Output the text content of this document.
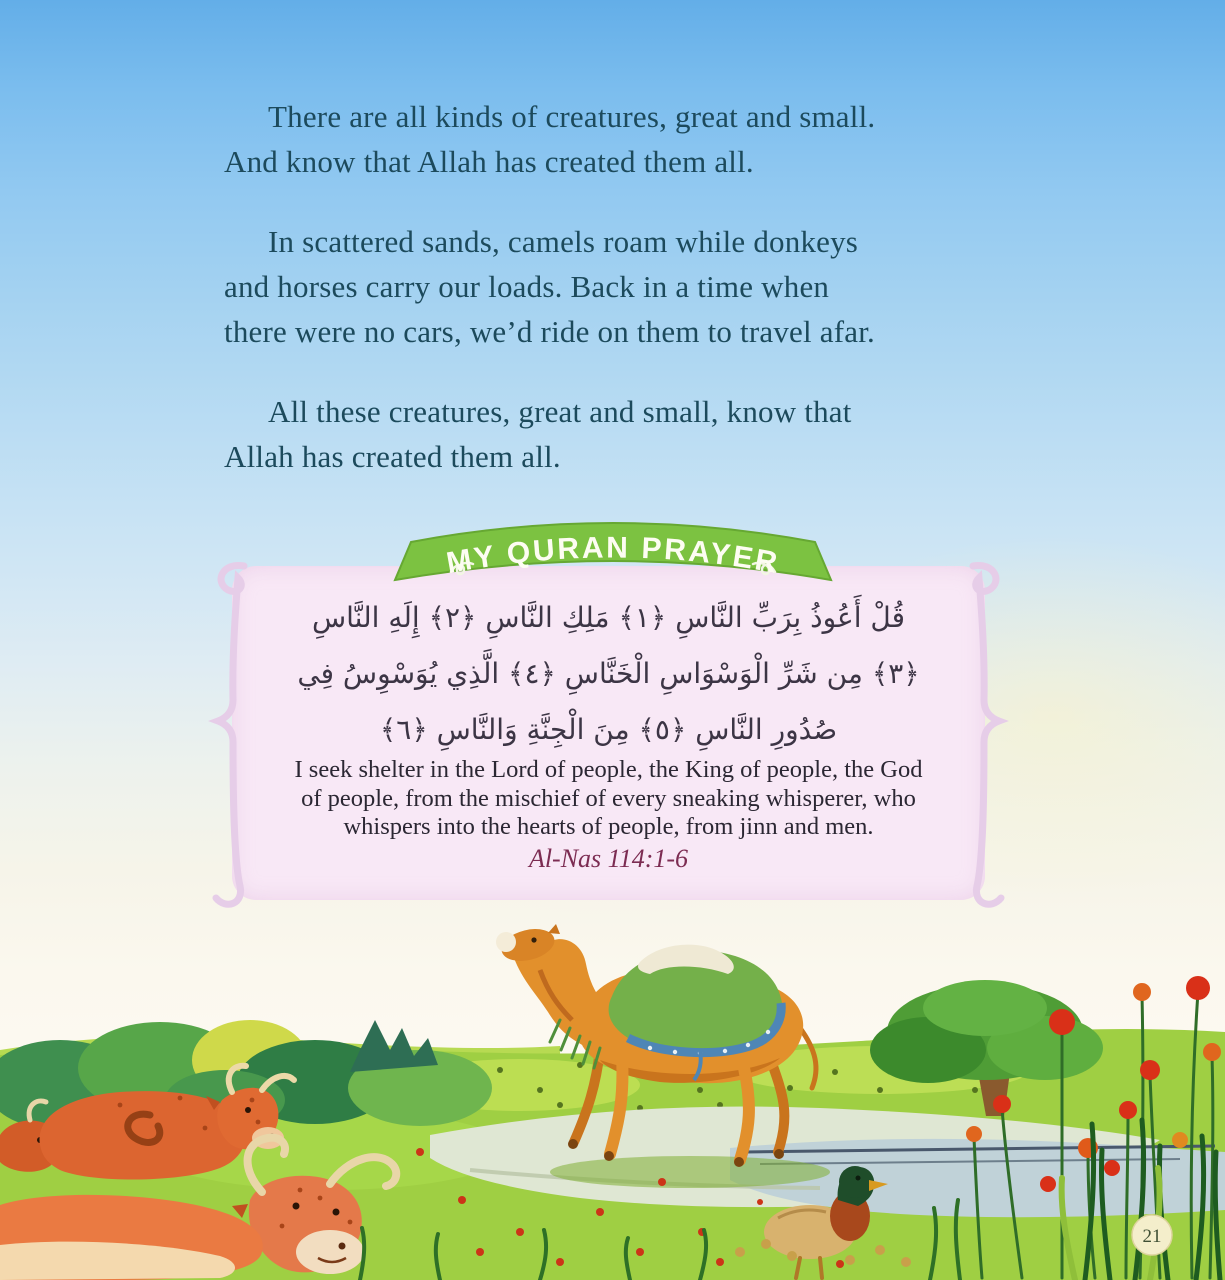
There are all kinds of creatures, great and small.
And know that Allah has created them all.
In scattered sands, camels roam while donkeys
and horses carry our loads. Back in a time when
there were no cars, we’d ride on them to travel afar.
All these creatures, great and small, know that
Allah has created them all.
MY QURAN PRAYER
قُلْ أَعُوذُ بِرَبِّ النَّاسِ ﴿١﴾ مَلِكِ النَّاسِ ﴿٢﴾ إِلَهِ النَّاسِ
﴿٣﴾ مِن شَرِّ الْوَسْوَاسِ الْخَنَّاسِ ﴿٤﴾ الَّذِي يُوَسْوِسُ فِي
صُدُورِ النَّاسِ ﴿٥﴾ مِنَ الْجِنَّةِ وَالنَّاسِ ﴿٦﴾
I seek shelter in the Lord of people, the King of people, the God
of people, from the mischief of every sneaking whisperer, who
whispers into the hearts of people, from jinn and men.
Al-Nas 114:1-6
21
